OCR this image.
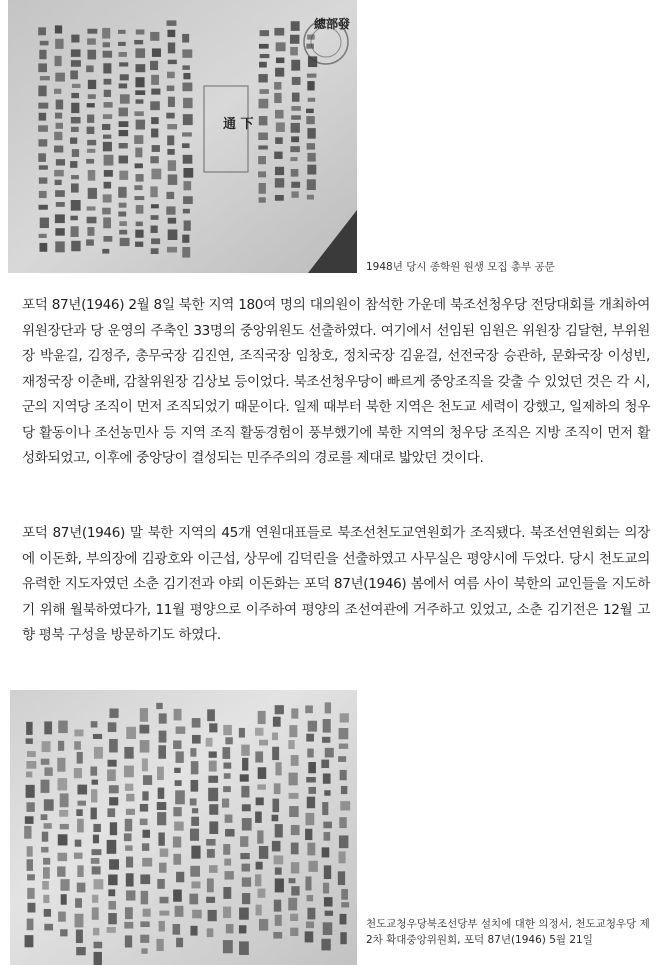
通 下
總部發
1948년 당시 종학원 원생 모집 총부 공문
포덕 87년(1946) 2월 8일 북한 지역 180여 명의 대의원이 참석한 가운데 북조선청우당 전당대회를 개최하여 위원장단과 당 운영의 주축인 33명의 중앙위원도 선출하였다. 여기에서 선임된 임원은 위원장 김달현, 부위원장 박윤길, 김정주, 총무국장 김진연, 조직국장 임창호, 정치국장 김윤걸, 선전국장 승관하, 문화국장 이성빈, 재정국장 이춘배, 감찰위원장 김상보 등이었다. 북조선청우당이 빠르게 중앙조직을 갖출 수 있었던 것은 각 시, 군의 지역당 조직이 먼저 조직되었기 때문이다. 일제 때부터 북한 지역은 천도교 세력이 강했고, 일제하의 청우당 활동이나 조선농민사 등 지역 조직 활동경험이 풍부했기에 북한 지역의 청우당 조직은 지방 조직이 먼저 활성화되었고, 이후에 중앙당이 결성되는 민주주의의 경로를 제대로 밟았던 것이다.
포덕 87년(1946) 말 북한 지역의 45개 연원대표들로 북조선천도교연원회가 조직됐다. 북조선연원회는 의장에 이돈화, 부의장에 김광호와 이근섭, 상무에 김덕린을 선출하였고 사무실은 평양시에 두었다. 당시 천도교의 유력한 지도자였던 소춘 김기전과 야뢰 이돈화는 포덕 87년(1946) 봄에서 여름 사이 북한의 교인들을 지도하기 위해 월북하였다가, 11월 평양으로 이주하여 평양의 조선여관에 거주하고 있었고, 소춘 김기전은 12월 고향 평북 구성을 방문하기도 하였다.
천도교청우당북조선당부 설치에 대한 의정서, 천도교청우당 제2차 확대중앙위원회, 포덕 87년(1946) 5월 21일
